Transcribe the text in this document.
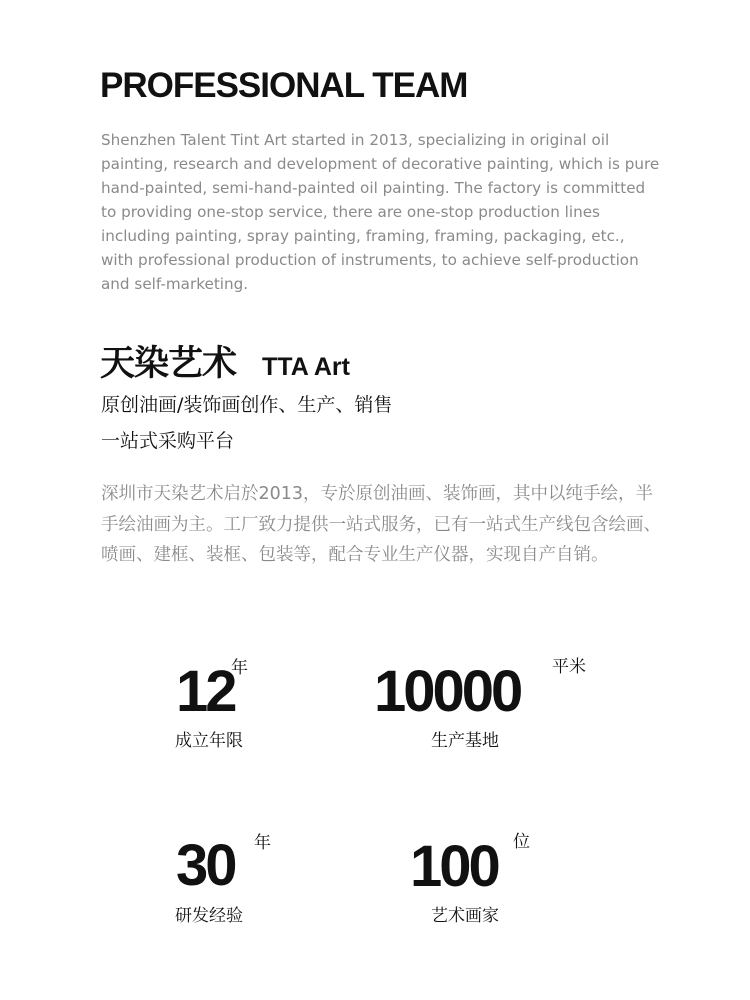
PROFESSIONAL TEAM

Shenzhen Talent Tint Art started in 2013, specializing in original oil painting, research and development of decorative painting, which is pure hand-painted, semi-hand-painted oil painting. The factory is committed to providing one-stop service, there are one-stop production lines including painting, spray painting, framing, framing, packaging, etc., with professional production of instruments, to achieve self-production and self-marketing.

天染艺术 TTA Art
原创油画/装饰画创作、生产、销售
一站式采购平台

深圳市天染艺术启於2013，专於原创油画、装饰画，其中以纯手绘，半手绘油画为主。工厂致力提供一站式服务，已有一站式生产线包含绘画、喷画、建框、装框、包装等，配合专业生产仪器，实现自产自销。

12
年
成立年限
10000 平米
生产基地
30 年
研发经验
100 位
艺术画家
